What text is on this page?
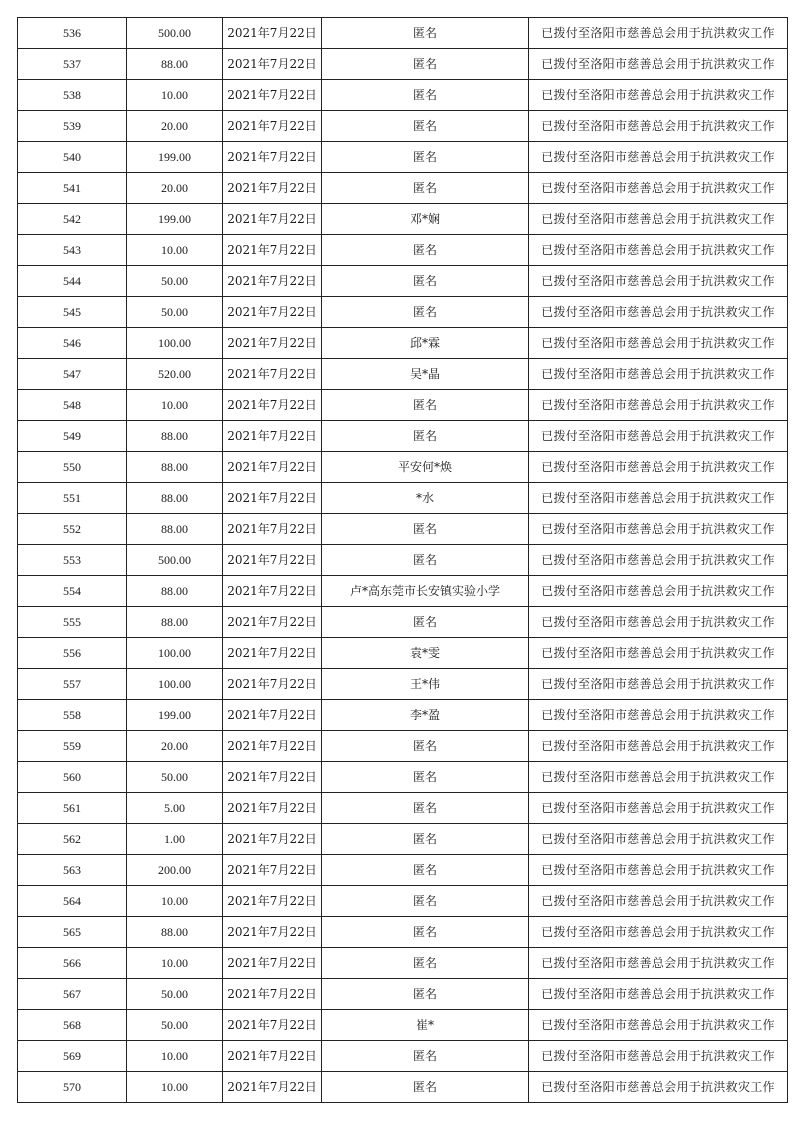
536	500.00	2021年7月22日	匿名	已拨付至洛阳市慈善总会用于抗洪救灾工作
537	88.00	2021年7月22日	匿名	已拨付至洛阳市慈善总会用于抗洪救灾工作
538	10.00	2021年7月22日	匿名	已拨付至洛阳市慈善总会用于抗洪救灾工作
539	20.00	2021年7月22日	匿名	已拨付至洛阳市慈善总会用于抗洪救灾工作
540	199.00	2021年7月22日	匿名	已拨付至洛阳市慈善总会用于抗洪救灾工作
541	20.00	2021年7月22日	匿名	已拨付至洛阳市慈善总会用于抗洪救灾工作
542	199.00	2021年7月22日	邓*娴	已拨付至洛阳市慈善总会用于抗洪救灾工作
543	10.00	2021年7月22日	匿名	已拨付至洛阳市慈善总会用于抗洪救灾工作
544	50.00	2021年7月22日	匿名	已拨付至洛阳市慈善总会用于抗洪救灾工作
545	50.00	2021年7月22日	匿名	已拨付至洛阳市慈善总会用于抗洪救灾工作
546	100.00	2021年7月22日	邱*霖	已拨付至洛阳市慈善总会用于抗洪救灾工作
547	520.00	2021年7月22日	吴*晶	已拨付至洛阳市慈善总会用于抗洪救灾工作
548	10.00	2021年7月22日	匿名	已拨付至洛阳市慈善总会用于抗洪救灾工作
549	88.00	2021年7月22日	匿名	已拨付至洛阳市慈善总会用于抗洪救灾工作
550	88.00	2021年7月22日	平安何*焕	已拨付至洛阳市慈善总会用于抗洪救灾工作
551	88.00	2021年7月22日	*水	已拨付至洛阳市慈善总会用于抗洪救灾工作
552	88.00	2021年7月22日	匿名	已拨付至洛阳市慈善总会用于抗洪救灾工作
553	500.00	2021年7月22日	匿名	已拨付至洛阳市慈善总会用于抗洪救灾工作
554	88.00	2021年7月22日	卢*高东莞市长安镇实验小学	已拨付至洛阳市慈善总会用于抗洪救灾工作
555	88.00	2021年7月22日	匿名	已拨付至洛阳市慈善总会用于抗洪救灾工作
556	100.00	2021年7月22日	袁*雯	已拨付至洛阳市慈善总会用于抗洪救灾工作
557	100.00	2021年7月22日	王*伟	已拨付至洛阳市慈善总会用于抗洪救灾工作
558	199.00	2021年7月22日	李*盈	已拨付至洛阳市慈善总会用于抗洪救灾工作
559	20.00	2021年7月22日	匿名	已拨付至洛阳市慈善总会用于抗洪救灾工作
560	50.00	2021年7月22日	匿名	已拨付至洛阳市慈善总会用于抗洪救灾工作
561	5.00	2021年7月22日	匿名	已拨付至洛阳市慈善总会用于抗洪救灾工作
562	1.00	2021年7月22日	匿名	已拨付至洛阳市慈善总会用于抗洪救灾工作
563	200.00	2021年7月22日	匿名	已拨付至洛阳市慈善总会用于抗洪救灾工作
564	10.00	2021年7月22日	匿名	已拨付至洛阳市慈善总会用于抗洪救灾工作
565	88.00	2021年7月22日	匿名	已拨付至洛阳市慈善总会用于抗洪救灾工作
566	10.00	2021年7月22日	匿名	已拨付至洛阳市慈善总会用于抗洪救灾工作
567	50.00	2021年7月22日	匿名	已拨付至洛阳市慈善总会用于抗洪救灾工作
568	50.00	2021年7月22日	崔*	已拨付至洛阳市慈善总会用于抗洪救灾工作
569	10.00	2021年7月22日	匿名	已拨付至洛阳市慈善总会用于抗洪救灾工作
570	10.00	2021年7月22日	匿名	已拨付至洛阳市慈善总会用于抗洪救灾工作
